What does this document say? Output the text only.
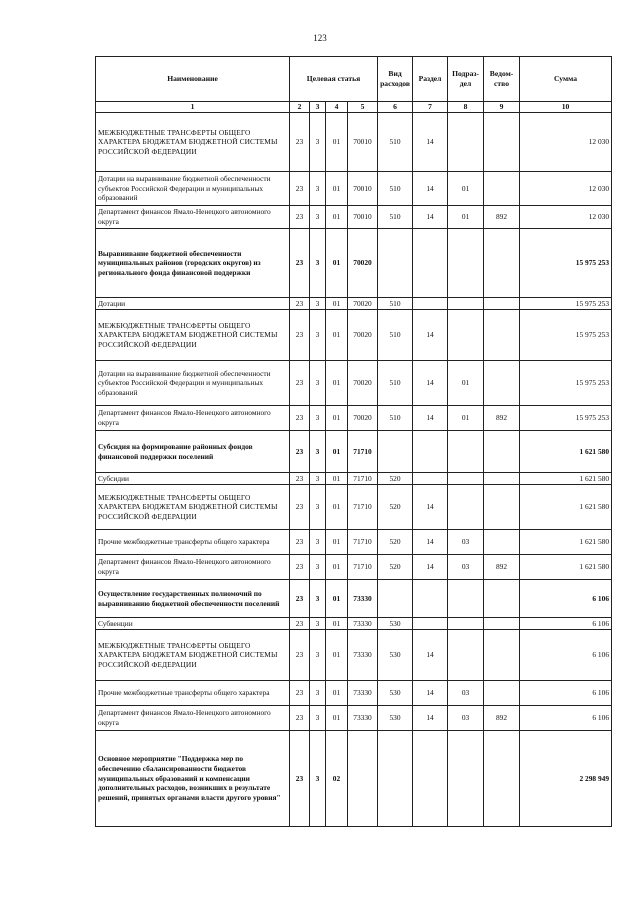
123
Наименование	Целевая статья				Вид расходов	Раздел	Подраз-дел	Ведом-ство	Сумма
1	2	3	4	5	6	7	8	9	10
МЕЖБЮДЖЕТНЫЕ ТРАНСФЕРТЫ ОБЩЕГО ХАРАКТЕРА БЮДЖЕТАМ БЮДЖЕТНОЙ СИСТЕМЫ РОССИЙСКОЙ ФЕДЕРАЦИИ	23	3	01	70010	510	14			12 030
Дотации на выравнивание бюджетной обеспеченности субъектов Российской Федерации и муниципальных образований	23	3	01	70010	510	14	01		12 030
Департамент финансов Ямало-Ненецкого автономного округа	23	3	01	70010	510	14	01	892	12 030
Выравнивание бюджетной обеспеченности муниципальных районов (городских округов) из регионального фонда финансовой поддержки	23	3	01	70020					15 975 253
Дотации	23	3	01	70020	510				15 975 253
МЕЖБЮДЖЕТНЫЕ ТРАНСФЕРТЫ ОБЩЕГО ХАРАКТЕРА БЮДЖЕТАМ БЮДЖЕТНОЙ СИСТЕМЫ РОССИЙСКОЙ ФЕДЕРАЦИИ	23	3	01	70020	510	14			15 975 253
Дотации на выравнивание бюджетной обеспеченности субъектов Российской Федерации и муниципальных образований	23	3	01	70020	510	14	01		15 975 253
Департамент финансов Ямало-Ненецкого автономного округа	23	3	01	70020	510	14	01	892	15 975 253
Субсидия на формирование районных фондов финансовой поддержки поселений	23	3	01	71710					1 621 580
Субсидии	23	3	01	71710	520				1 621 580
МЕЖБЮДЖЕТНЫЕ ТРАНСФЕРТЫ ОБЩЕГО ХАРАКТЕРА БЮДЖЕТАМ БЮДЖЕТНОЙ СИСТЕМЫ РОССИЙСКОЙ ФЕДЕРАЦИИ	23	3	01	71710	520	14			1 621 580
Прочие межбюджетные трансферты общего характера	23	3	01	71710	520	14	03		1 621 580
Департамент финансов Ямало-Ненецкого автономного округа	23	3	01	71710	520	14	03	892	1 621 580
Осуществление государственных полномочий по выравниванию бюджетной обеспеченности поселений	23	3	01	73330					6 106
Субвенции	23	3	01	73330	530				6 106
МЕЖБЮДЖЕТНЫЕ ТРАНСФЕРТЫ ОБЩЕГО ХАРАКТЕРА БЮДЖЕТАМ БЮДЖЕТНОЙ СИСТЕМЫ РОССИЙСКОЙ ФЕДЕРАЦИИ	23	3	01	73330	530	14			6 106
Прочие межбюджетные трансферты общего характера	23	3	01	73330	530	14	03		6 106
Департамент финансов Ямало-Ненецкого автономного округа	23	3	01	73330	530	14	03	892	6 106
Основное мероприятие "Поддержка мер по обеспечению сбалансированности бюджетов муниципальных образований и компенсации дополнительных расходов, возникших в результате решений, принятых органами власти другого уровня"	23	3	02						2 298 949
